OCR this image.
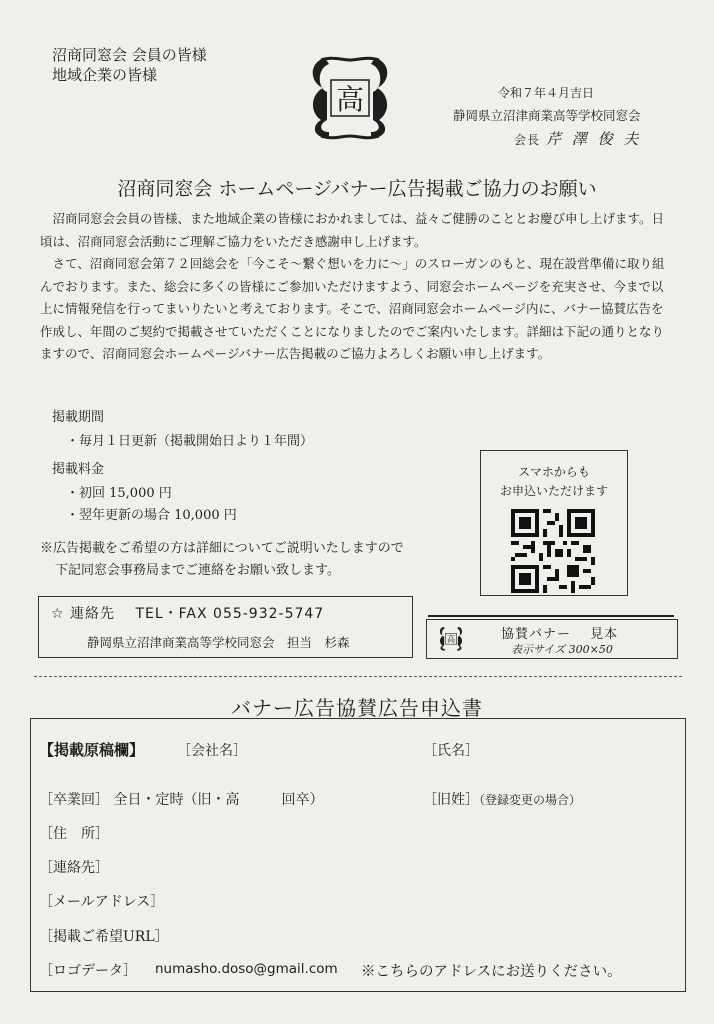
沼商同窓会 会員の皆様
地域企業の皆様
高	令和７年４月吉日
静岡県立沼津商業高等学校同窓会
会長 芹 澤 俊 夫
沼商同窓会 ホームページバナー広告掲載ご協力のお願い

沼商同窓会会員の皆様、また地域企業の皆様におかれましては、益々ご健勝のこととお慶び申し上げます。日頃は、沼商同窓会活動にご理解ご協力をいただき感謝申し上げます。

さて、沼商同窓会第７２回総会を「今こそ～繋ぐ想いを力に～」のスローガンのもと、現在設営準備に取り組んでおります。また、総会に多くの皆様にご参加いただけますよう、同窓会ホームページを充実させ、今まで以上に情報発信を行ってまいりたいと考えております。そこで、沼商同窓会ホームページ内に、バナー協賛広告を作成し、年間のご契約で掲載させていただくことになりましたのでご案内いたします。詳細は下記の通りとなりますので、沼商同窓会ホームページバナー広告掲載のご協力よろしくお願い申し上げます。

掲載期間
・毎月１日更新（掲載開始日より１年間）
掲載料金
・初回 15,000 円
・翌年更新の場合 10,000 円
※広告掲載をご希望の方は詳細についてご説明いたしますので
下記同窓会事務局までご連絡をお願い致します。
スマホからも
お申込いただけます
☆ 連絡先　 TEL・FAX 055-932-5747
静岡県立沼津商業高等学校同窓会　担当　杉森	高	協賛バナー　 見本
表示サイズ 300×50
バナー広告協賛広告申込書
【掲載原稿欄】 ［会社名］	［氏名］
［卒業回］ 全日・定時（旧・高　　　回卒）	［旧姓］（登録変更の場合）
［住　所］
［連絡先］
［メールアドレス］
［掲載ご希望URL］
［ロゴデータ］ numasho.doso@gmail.com ※こちらのアドレスにお送りください。
